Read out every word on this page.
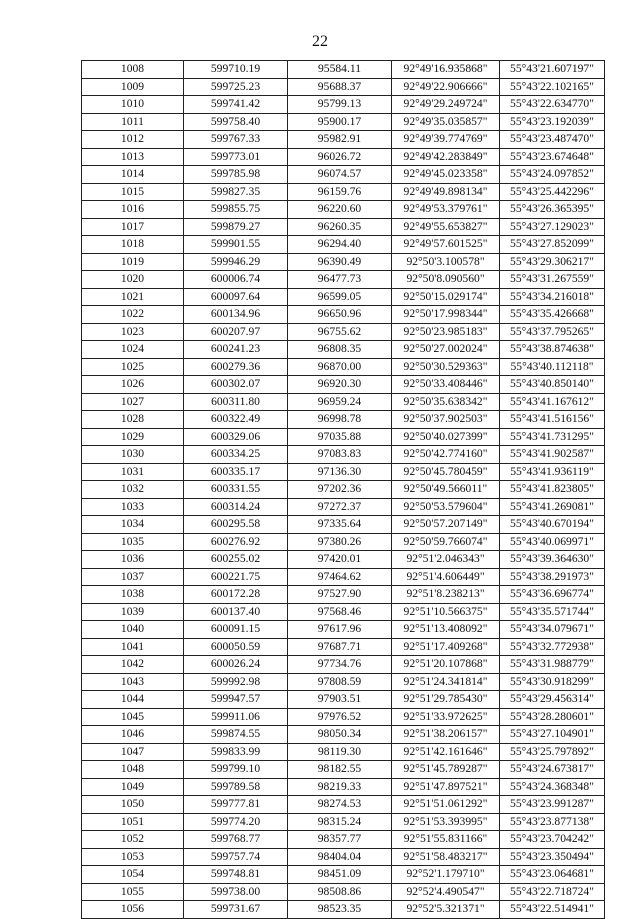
22
1008	599710.19	95584.11	92°49'16.935868"	55°43'21.607197"
1009	599725.23	95688.37	92°49'22.906666"	55°43'22.102165"
1010	599741.42	95799.13	92°49'29.249724"	55°43'22.634770"
1011	599758.40	95900.17	92°49'35.035857"	55°43'23.192039"
1012	599767.33	95982.91	92°49'39.774769"	55°43'23.487470"
1013	599773.01	96026.72	92°49'42.283849"	55°43'23.674648"
1014	599785.98	96074.57	92°49'45.023358"	55°43'24.097852"
1015	599827.35	96159.76	92°49'49.898134"	55°43'25.442296"
1016	599855.75	96220.60	92°49'53.379761"	55°43'26.365395"
1017	599879.27	96260.35	92°49'55.653827"	55°43'27.129023"
1018	599901.55	96294.40	92°49'57.601525"	55°43'27.852099"
1019	599946.29	96390.49	92°50'3.100578"	55°43'29.306217"
1020	600006.74	96477.73	92°50'8.090560"	55°43'31.267559"
1021	600097.64	96599.05	92°50'15.029174"	55°43'34.216018"
1022	600134.96	96650.96	92°50'17.998344"	55°43'35.426668"
1023	600207.97	96755.62	92°50'23.985183"	55°43'37.795265"
1024	600241.23	96808.35	92°50'27.002024"	55°43'38.874638"
1025	600279.36	96870.00	92°50'30.529363"	55°43'40.112118"
1026	600302.07	96920.30	92°50'33.408446"	55°43'40.850140"
1027	600311.80	96959.24	92°50'35.638342"	55°43'41.167612"
1028	600322.49	96998.78	92°50'37.902503"	55°43'41.516156"
1029	600329.06	97035.88	92°50'40.027399"	55°43'41.731295"
1030	600334.25	97083.83	92°50'42.774160"	55°43'41.902587"
1031	600335.17	97136.30	92°50'45.780459"	55°43'41.936119"
1032	600331.55	97202.36	92°50'49.566011"	55°43'41.823805"
1033	600314.24	97272.37	92°50'53.579604"	55°43'41.269081"
1034	600295.58	97335.64	92°50'57.207149"	55°43'40.670194"
1035	600276.92	97380.26	92°50'59.766074"	55°43'40.069971"
1036	600255.02	97420.01	92°51'2.046343"	55°43'39.364630"
1037	600221.75	97464.62	92°51'4.606449"	55°43'38.291973"
1038	600172.28	97527.90	92°51'8.238213"	55°43'36.696774"
1039	600137.40	97568.46	92°51'10.566375"	55°43'35.571744"
1040	600091.15	97617.96	92°51'13.408092"	55°43'34.079671"
1041	600050.59	97687.71	92°51'17.409268"	55°43'32.772938"
1042	600026.24	97734.76	92°51'20.107868"	55°43'31.988779"
1043	599992.98	97808.59	92°51'24.341814"	55°43'30.918299"
1044	599947.57	97903.51	92°51'29.785430"	55°43'29.456314"
1045	599911.06	97976.52	92°51'33.972625"	55°43'28.280601"
1046	599874.55	98050.34	92°51'38.206157"	55°43'27.104901"
1047	599833.99	98119.30	92°51'42.161646"	55°43'25.797892"
1048	599799.10	98182.55	92°51'45.789287"	55°43'24.673817"
1049	599789.58	98219.33	92°51'47.897521"	55°43'24.368348"
1050	599777.81	98274.53	92°51'51.061292"	55°43'23.991287"
1051	599774.20	98315.24	92°51'53.393995"	55°43'23.877138"
1052	599768.77	98357.77	92°51'55.831166"	55°43'23.704242"
1053	599757.74	98404.04	92°51'58.483217"	55°43'23.350494"
1054	599748.81	98451.09	92°52'1.179710"	55°43'23.064681"
1055	599738.00	98508.86	92°52'4.490547"	55°43'22.718724"
1056	599731.67	98523.35	92°52'5.321371"	55°43'22.514941"
